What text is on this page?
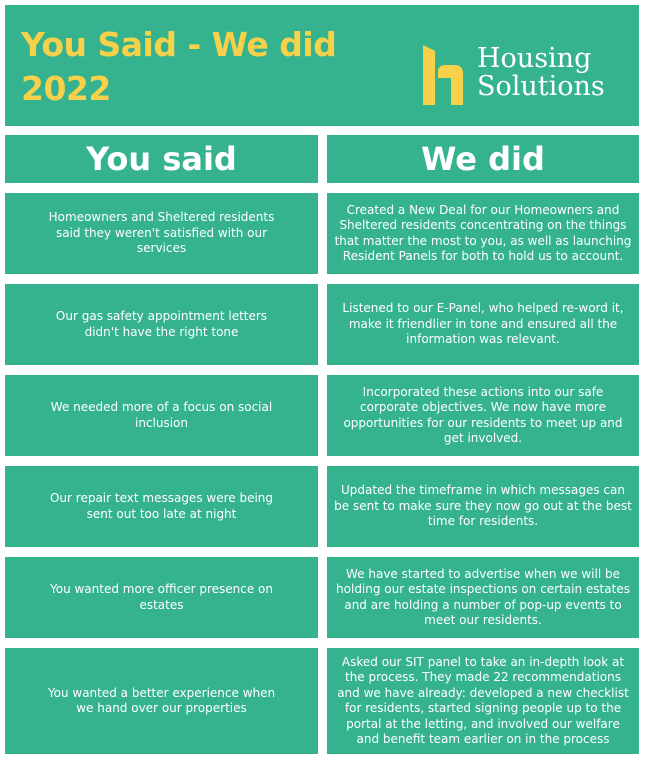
You Said - We did
2022
Housing
Solutions
You said	We did
Homeowners and Sheltered residents said they weren't satisfied with our services
Created a New Deal for our Homeowners and Sheltered residents concentrating on the things that matter the most to you, as well as launching Resident Panels for both to hold us to account.
Our gas safety appointment letters didn't have the right tone
Listened to our E-Panel, who helped re-word it, make it friendlier in tone and ensured all the information was relevant.
We needed more of a focus on social inclusion
Incorporated these actions into our safe corporate objectives. We now have more opportunities for our residents to meet up and get involved.
Our repair text messages were being sent out too late at night
Updated the timeframe in which messages can be sent to make sure they now go out at the best time for residents.
You wanted more officer presence on estates
We have started to advertise when we will be holding our estate inspections on certain estates and are holding a number of pop-up events to meet our residents.
You wanted a better experience when we hand over our properties
Asked our SIT panel to take an in-depth look at the process. They made 22 recommendations and we have already: developed a new checklist for residents, started signing people up to the portal at the letting, and involved our welfare and benefit team earlier on in the process
